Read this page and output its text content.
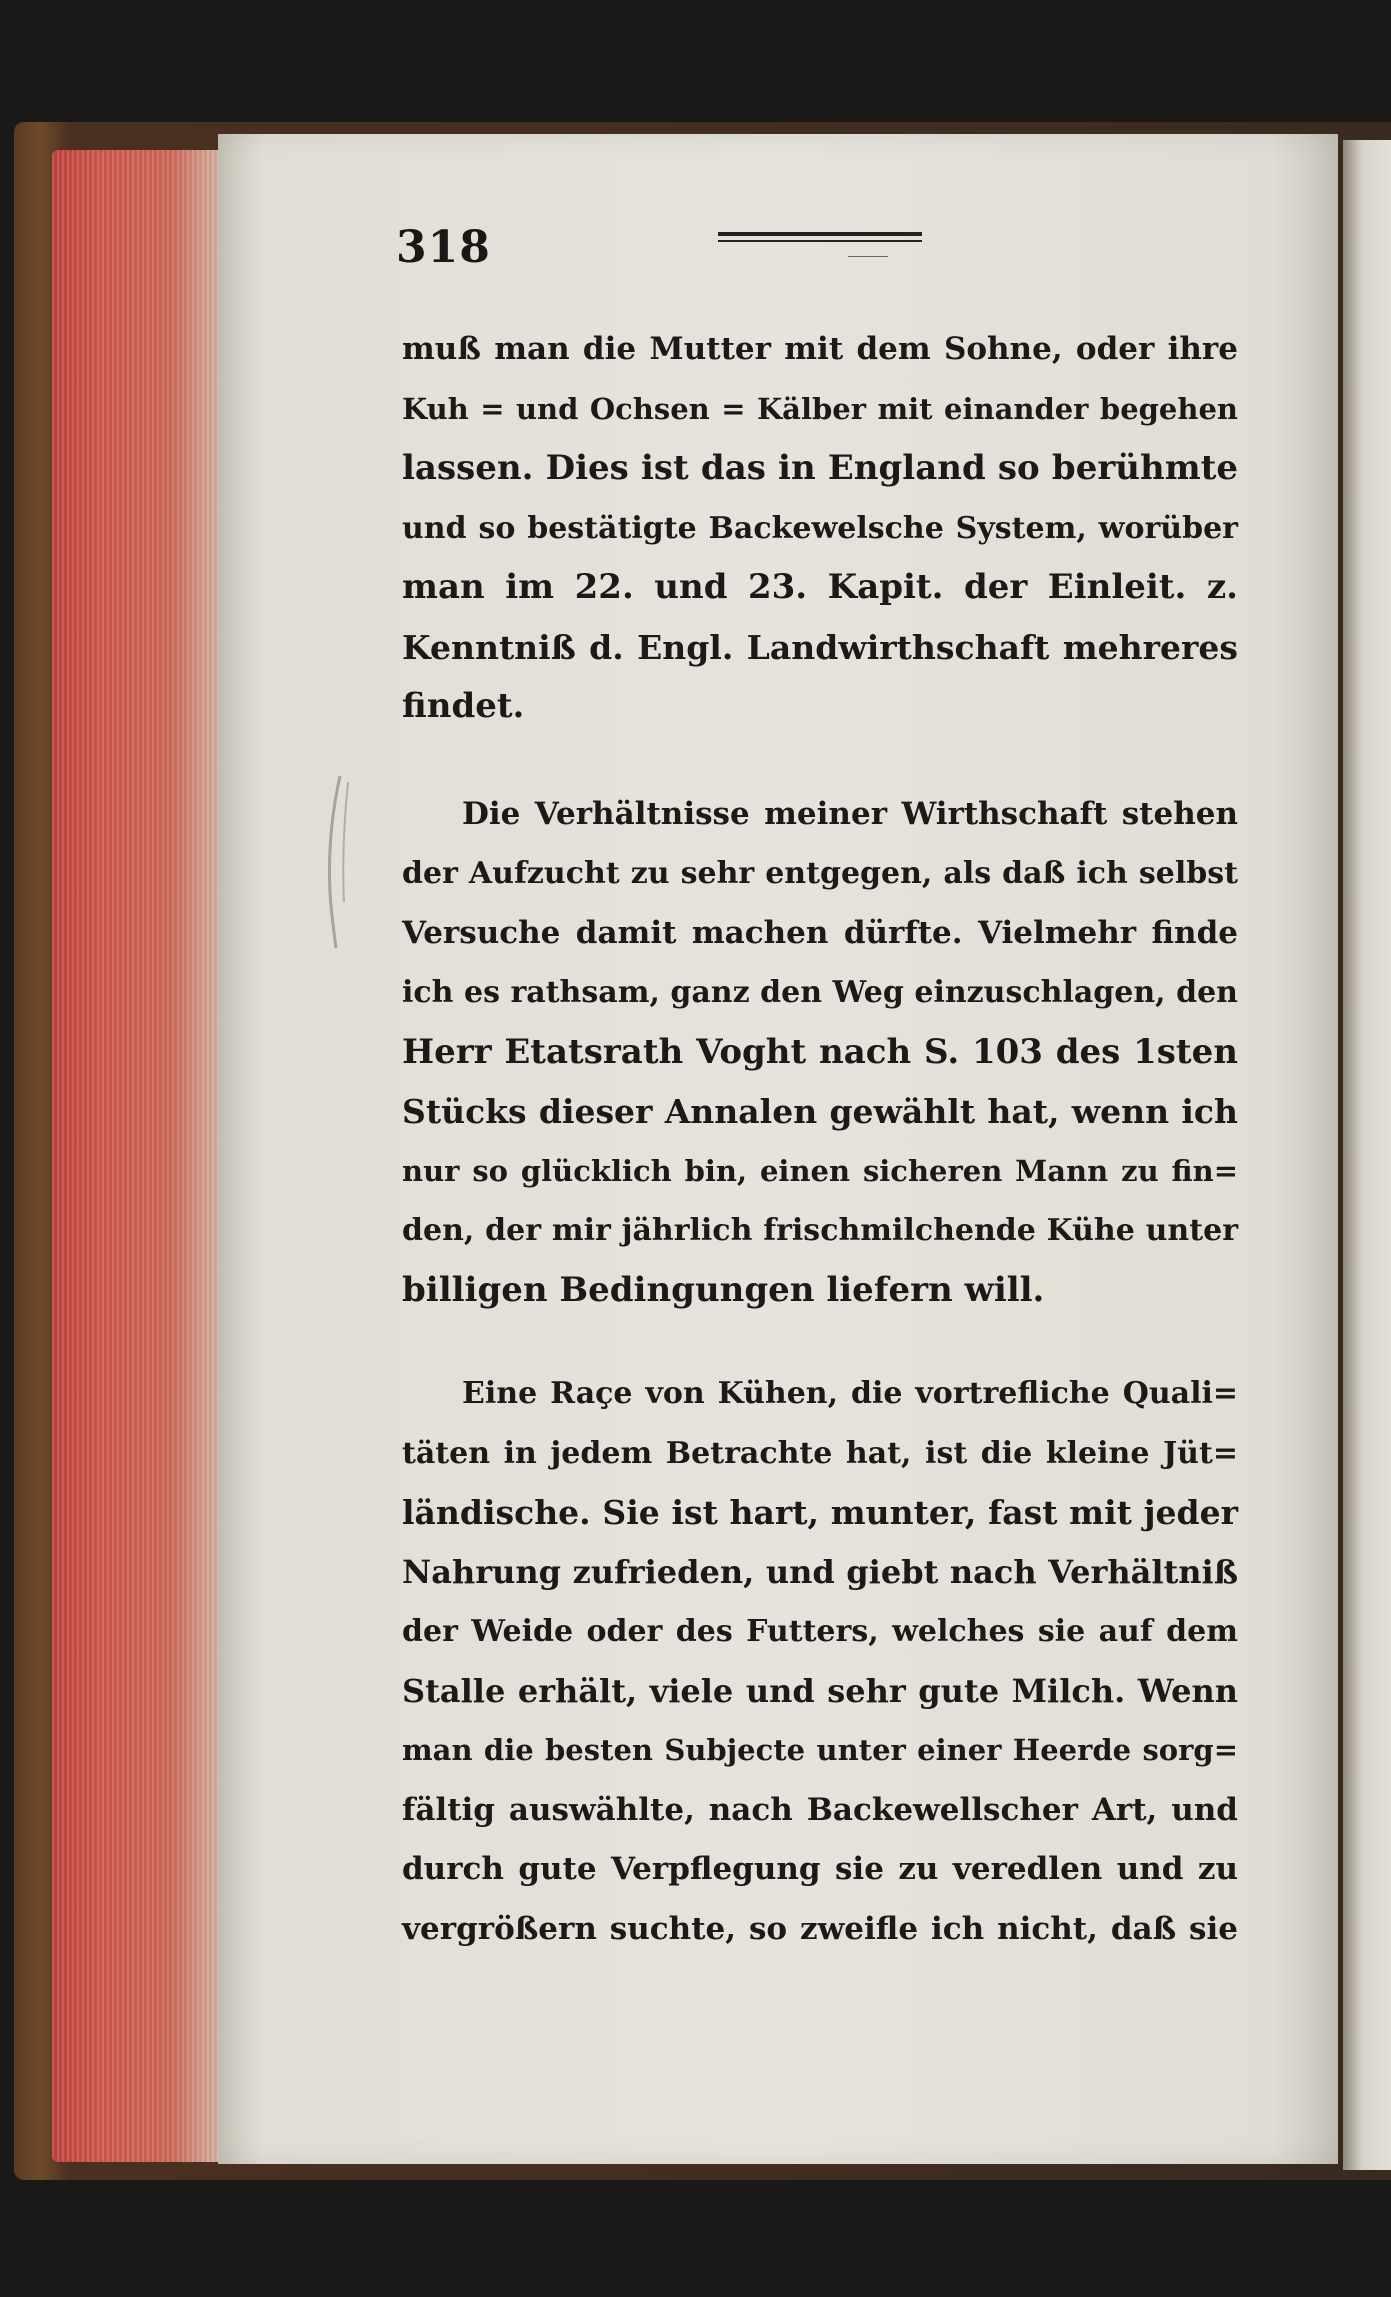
318
muß man die Mutter mit dem Sohne, oder ihre
Kuh = und Ochsen = Kälber mit einander begehen
lassen. Dies ist das in England so berühmte
und so bestätigte Backewelsche System, worüber
man im 22. und 23. Kapit. der Einleit. z.
Kenntniß d. Engl. Landwirthschaft mehreres
findet.
Die Verhältnisse meiner Wirthschaft stehen
der Aufzucht zu sehr entgegen, als daß ich selbst
Versuche damit machen dürfte. Vielmehr finde
ich es rathsam, ganz den Weg einzuschlagen, den
Herr Etatsrath Voght nach S. 103 des 1sten
Stücks dieser Annalen gewählt hat, wenn ich
nur so glücklich bin, einen sicheren Mann zu fin=
den, der mir jährlich frischmilchende Kühe unter
billigen Bedingungen liefern will.
Eine Raçe von Kühen, die vortrefliche Quali=
täten in jedem Betrachte hat, ist die kleine Jüt=
ländische. Sie ist hart, munter, fast mit jeder
Nahrung zufrieden, und giebt nach Verhältniß
der Weide oder des Futters, welches sie auf dem
Stalle erhält, viele und sehr gute Milch. Wenn
man die besten Subjecte unter einer Heerde sorg=
fältig auswählte, nach Backewellscher Art, und
durch gute Verpflegung sie zu veredlen und zu
vergrößern suchte, so zweifle ich nicht, daß sie
